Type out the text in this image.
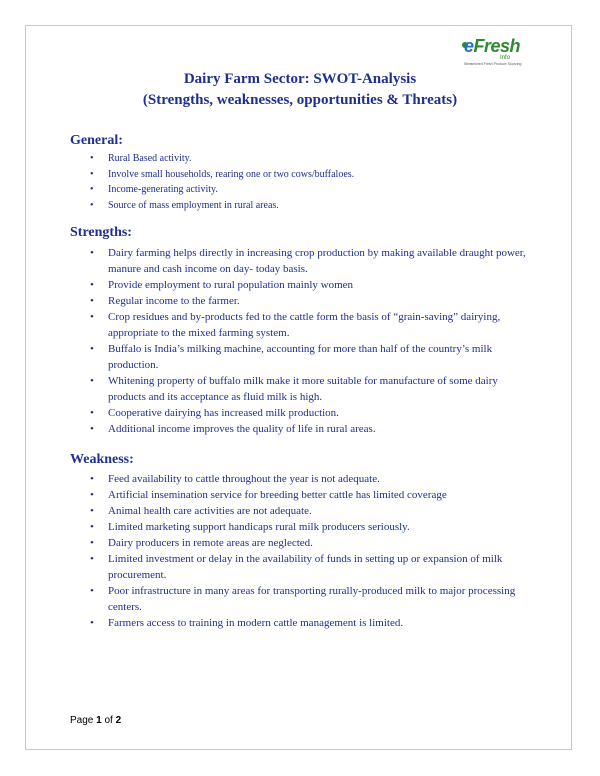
eFresh
Info
Streamlined Fresh Produce Sourcing
Dairy Farm Sector: SWOT-Analysis
(Strengths, weaknesses, opportunities & Threats)
General:
• Rural Based activity.
• Involve small households, rearing one or two cows/buffaloes.
• Income-generating activity.
• Source of mass employment in rural areas.
Strengths:
• Dairy farming helps directly in increasing crop production by making available draught power, manure and cash income on day- today basis.
• Provide employment to rural population mainly women
• Regular income to the farmer.
• Crop residues and by-products fed to the cattle form the basis of “grain-saving” dairying, appropriate to the mixed farming system.
• Buffalo is India’s milking machine, accounting for more than half of the country’s milk production.
• Whitening property of buffalo milk make it more suitable for manufacture of some dairy products and its acceptance as fluid milk is high.
• Cooperative dairying has increased milk production.
• Additional income improves the quality of life in rural areas.
Weakness:
• Feed availability to cattle throughout the year is not adequate.
• Artificial insemination service for breeding better cattle has limited coverage
• Animal health care activities are not adequate.
• Limited marketing support handicaps rural milk producers seriously.
• Dairy producers in remote areas are neglected.
• Limited investment or delay in the availability of funds in setting up or expansion of milk procurement.
• Poor infrastructure in many areas for transporting rurally-produced milk to major processing centers.
• Farmers access to training in modern cattle management is limited.
Page 1 of 2
